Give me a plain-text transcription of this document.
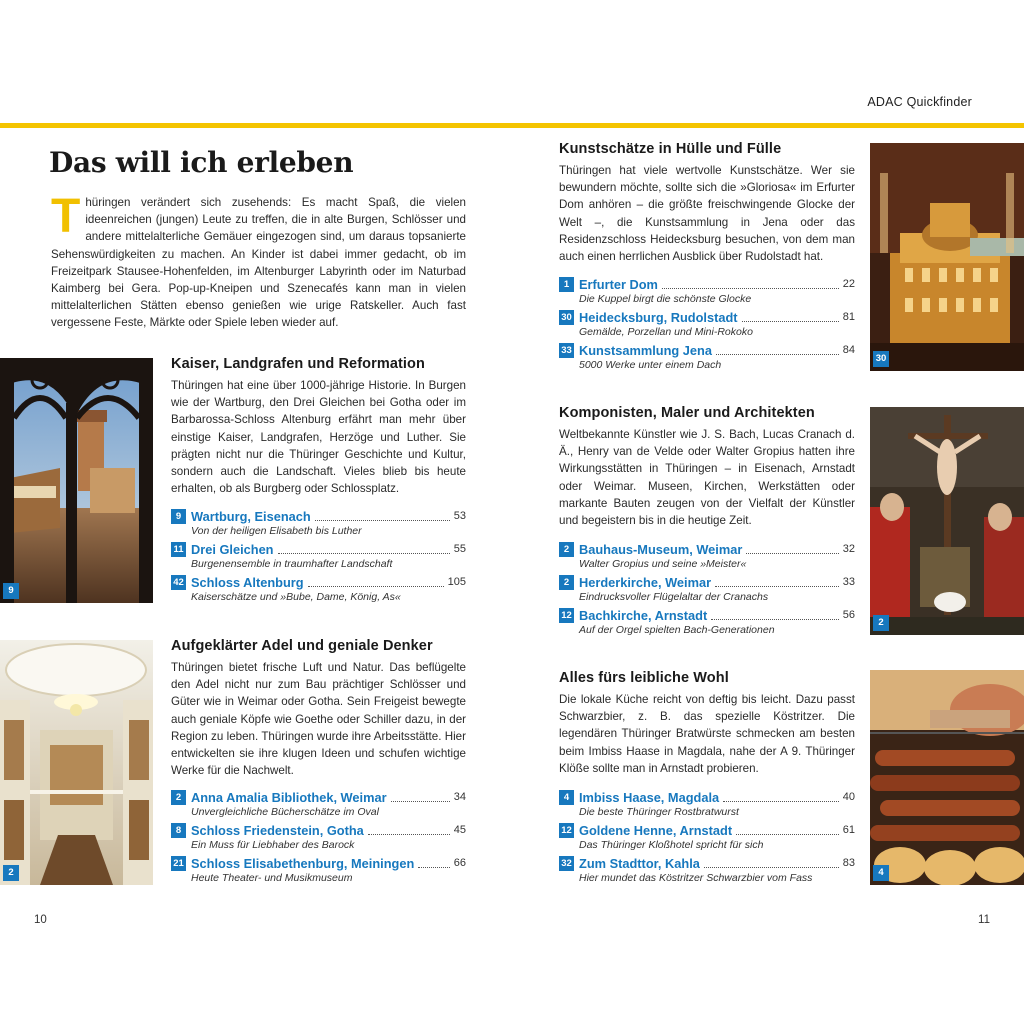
ADAC Quickfinder
Das will ich erleben
Thüringen verändert sich zusehends: Es macht Spaß, die vielen ideenreichen (jungen) Leute zu treffen, die in alte Burgen, Schlösser und andere mittelalterliche Gemäuer eingezogen sind, um daraus topsanierte Sehenswürdigkeiten zu machen. An Kinder ist dabei immer gedacht, ob im Freizeitpark Stausee-Hohenfelden, im Altenburger Labyrinth oder im Naturbad Kaimberg bei Gera. Pop-up-Kneipen und Szenecafés kann man in vielen mittelalterlichen Stätten ebenso genießen wie urige Ratskeller. Auch fast vergessene Feste, Märkte oder Spiele leben wieder auf.
9
2
30
2
4
Kaiser, Landgrafen und Reformation
Thüringen hat eine über 1000-jährige Historie. In Burgen wie der Wartburg, den Drei Gleichen bei Gotha oder im Barbarossa-Schloss Altenburg erfährt man mehr über einstige Kaiser, Landgrafen, Herzöge und Luther. Sie prägten nicht nur die Thüringer Geschichte und Kultur, sondern auch die Landschaft. Vieles blieb bis heute erhalten, ob als Burgberg oder Schlossplatz.
9 Wartburg, Eisenach	53
Von der heiligen Elisabeth bis Luther
11 Drei Gleichen	55
Burgenensemble in traumhafter Landschaft
42 Schloss Altenburg	105
Kaiserschätze und »Bube, Dame, König, As«
Aufgeklärter Adel und geniale Denker
Thüringen bietet frische Luft und Natur. Das beflügelte den Adel nicht nur zum Bau prächtiger Schlösser und Güter wie in Weimar oder Gotha. Sein Freigeist bewegte auch geniale Köpfe wie Goethe oder Schiller dazu, in der Region zu leben. Thüringen wurde ihre Arbeitsstätte. Hier entwickelten sie ihre klugen Ideen und schufen wichtige Werke für die Nachwelt.
2 Anna Amalia Bibliothek, Weimar	34
Unvergleichliche Bücherschätze im Oval
8 Schloss Friedenstein, Gotha	45
Ein Muss für Liebhaber des Barock
21 Schloss Elisabethenburg, Meiningen	66
Heute Theater- und Musikmuseum
Kunstschätze in Hülle und Fülle
Thüringen hat viele wertvolle Kunstschätze. Wer sie bewundern möchte, sollte sich die »Gloriosa« im Erfurter Dom anhören – die größte freischwingende Glocke der Welt –, die Kunstsammlung in Jena oder das Residenzschloss Heidecksburg besuchen, von dem man auch einen herrlichen Ausblick über Rudolstadt hat.
1 Erfurter Dom	22
Die Kuppel birgt die schönste Glocke
30 Heidecksburg, Rudolstadt	81
Gemälde, Porzellan und Mini-Rokoko
33 Kunstsammlung Jena	84
5000 Werke unter einem Dach
Komponisten, Maler und Architekten
Weltbekannte Künstler wie J. S. Bach, Lucas Cranach d. Ä., Henry van de Velde oder Walter Gropius hatten ihre Wirkungsstätten in Thüringen – in Eisenach, Arnstadt oder Weimar. Museen, Kirchen, Werkstätten oder markante Bauten zeugen von der Vielfalt der Künstler und begeistern bis in die heutige Zeit.
2 Bauhaus-Museum, Weimar	32
Walter Gropius und seine »Meister«
2 Herderkirche, Weimar	33
Eindrucksvoller Flügelaltar der Cranachs
12 Bachkirche, Arnstadt	56
Auf der Orgel spielten Bach-Generationen
Alles fürs leibliche Wohl
Die lokale Küche reicht von deftig bis leicht. Dazu passt Schwarzbier, z. B. das spezielle Köstritzer. Die legendären Thüringer Bratwürste schmecken am besten beim Imbiss Haase in Magdala, nahe der A 9. Thüringer Klöße sollte man in Arnstadt probieren.
4 Imbiss Haase, Magdala	40
Die beste Thüringer Rostbratwurst
12 Goldene Henne, Arnstadt	61
Das Thüringer Kloßhotel spricht für sich
32 Zum Stadttor, Kahla	83
Hier mundet das Köstritzer Schwarzbier vom Fass
10	11
